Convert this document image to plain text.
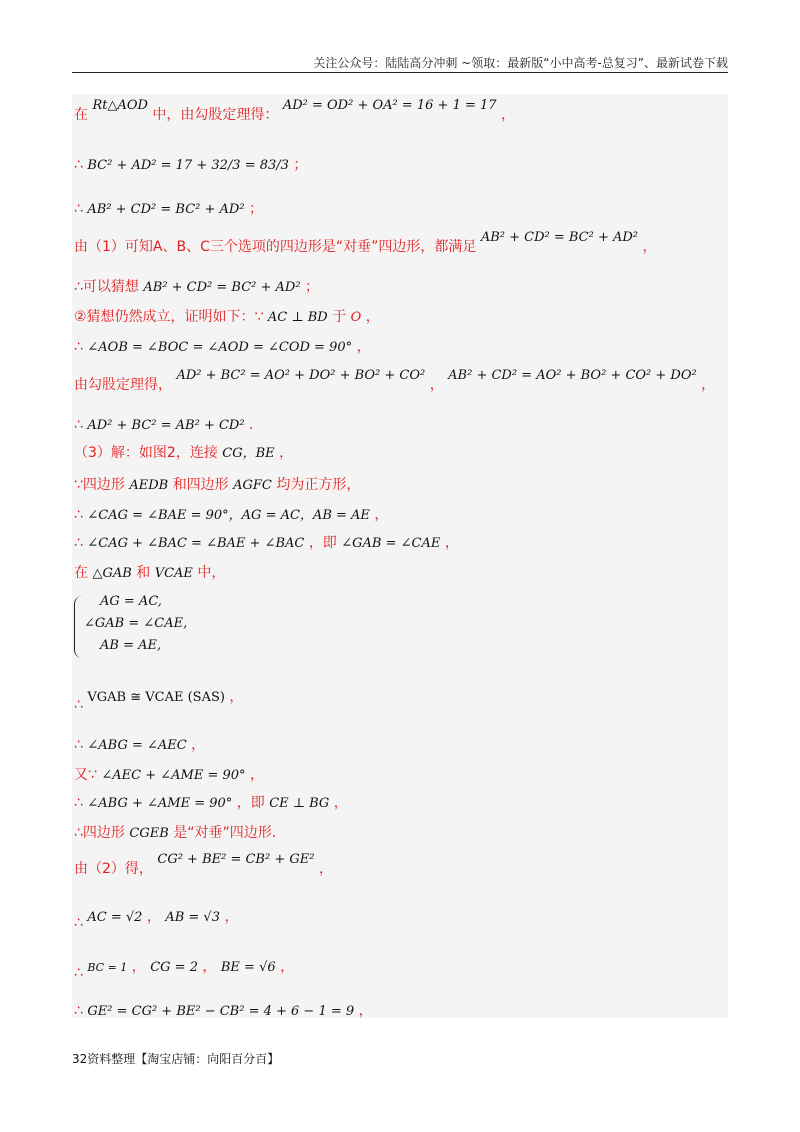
关注公众号：陆陆高分冲刺 ~领取：最新版“小中高考-总复习”、最新试卷下载
在 Rt△AOD 中，由勾股定理得： AD² = OD² + OA² = 16 + 1 = 17 ，
∴ BC² + AD² = 17 + 32/3 = 83/3 ；
∴ AB² + CD² = BC² + AD² ；
由（1）可知A、B、C三个选项的四边形是“对垂”四边形，都满足 AB² + CD² = BC² + AD² ，
∴可以猜想 AB² + CD² = BC² + AD² ；
②猜想仍然成立，证明如下：∵ AC ⊥ BD 于 O ，
∴ ∠AOB = ∠BOC = ∠AOD = ∠COD = 90° ，
由勾股定理得， AD² + BC² = AO² + DO² + BO² + CO² ， AB² + CD² = AO² + BO² + CO² + DO² ，
∴ AD² + BC² = AB² + CD² ．
（3）解：如图2，连接 CG，BE ，
∵四边形 AEDB 和四边形 AGFC 均为正方形，
∴ ∠CAG = ∠BAE = 90°，AG = AC，AB = AE ，
∴ ∠CAG + ∠BAC = ∠BAE + ∠BAC ，即 ∠GAB = ∠CAE ，
在 △GAB 和 VCAE 中，
AG = AC,
∠GAB = ∠CAE,
AB = AE,
∴ VGAB ≅ VCAE (SAS) ，
∴ ∠ABG = ∠AEC ，
又∵ ∠AEC + ∠AME = 90° ，
∴ ∠ABG + ∠AME = 90° ，即 CE ⊥ BG ，
∴四边形 CGEB 是“对垂”四边形．
由（2）得， CG² + BE² = CB² + GE² ，
∴ AC = √2 ， AB = √3 ，
∴ BC = 1 ， CG = 2 ， BE = √6 ，
∴ GE² = CG² + BE² − CB² = 4 + 6 − 1 = 9 ，
32资料整理【淘宝店铺：向阳百分百】
